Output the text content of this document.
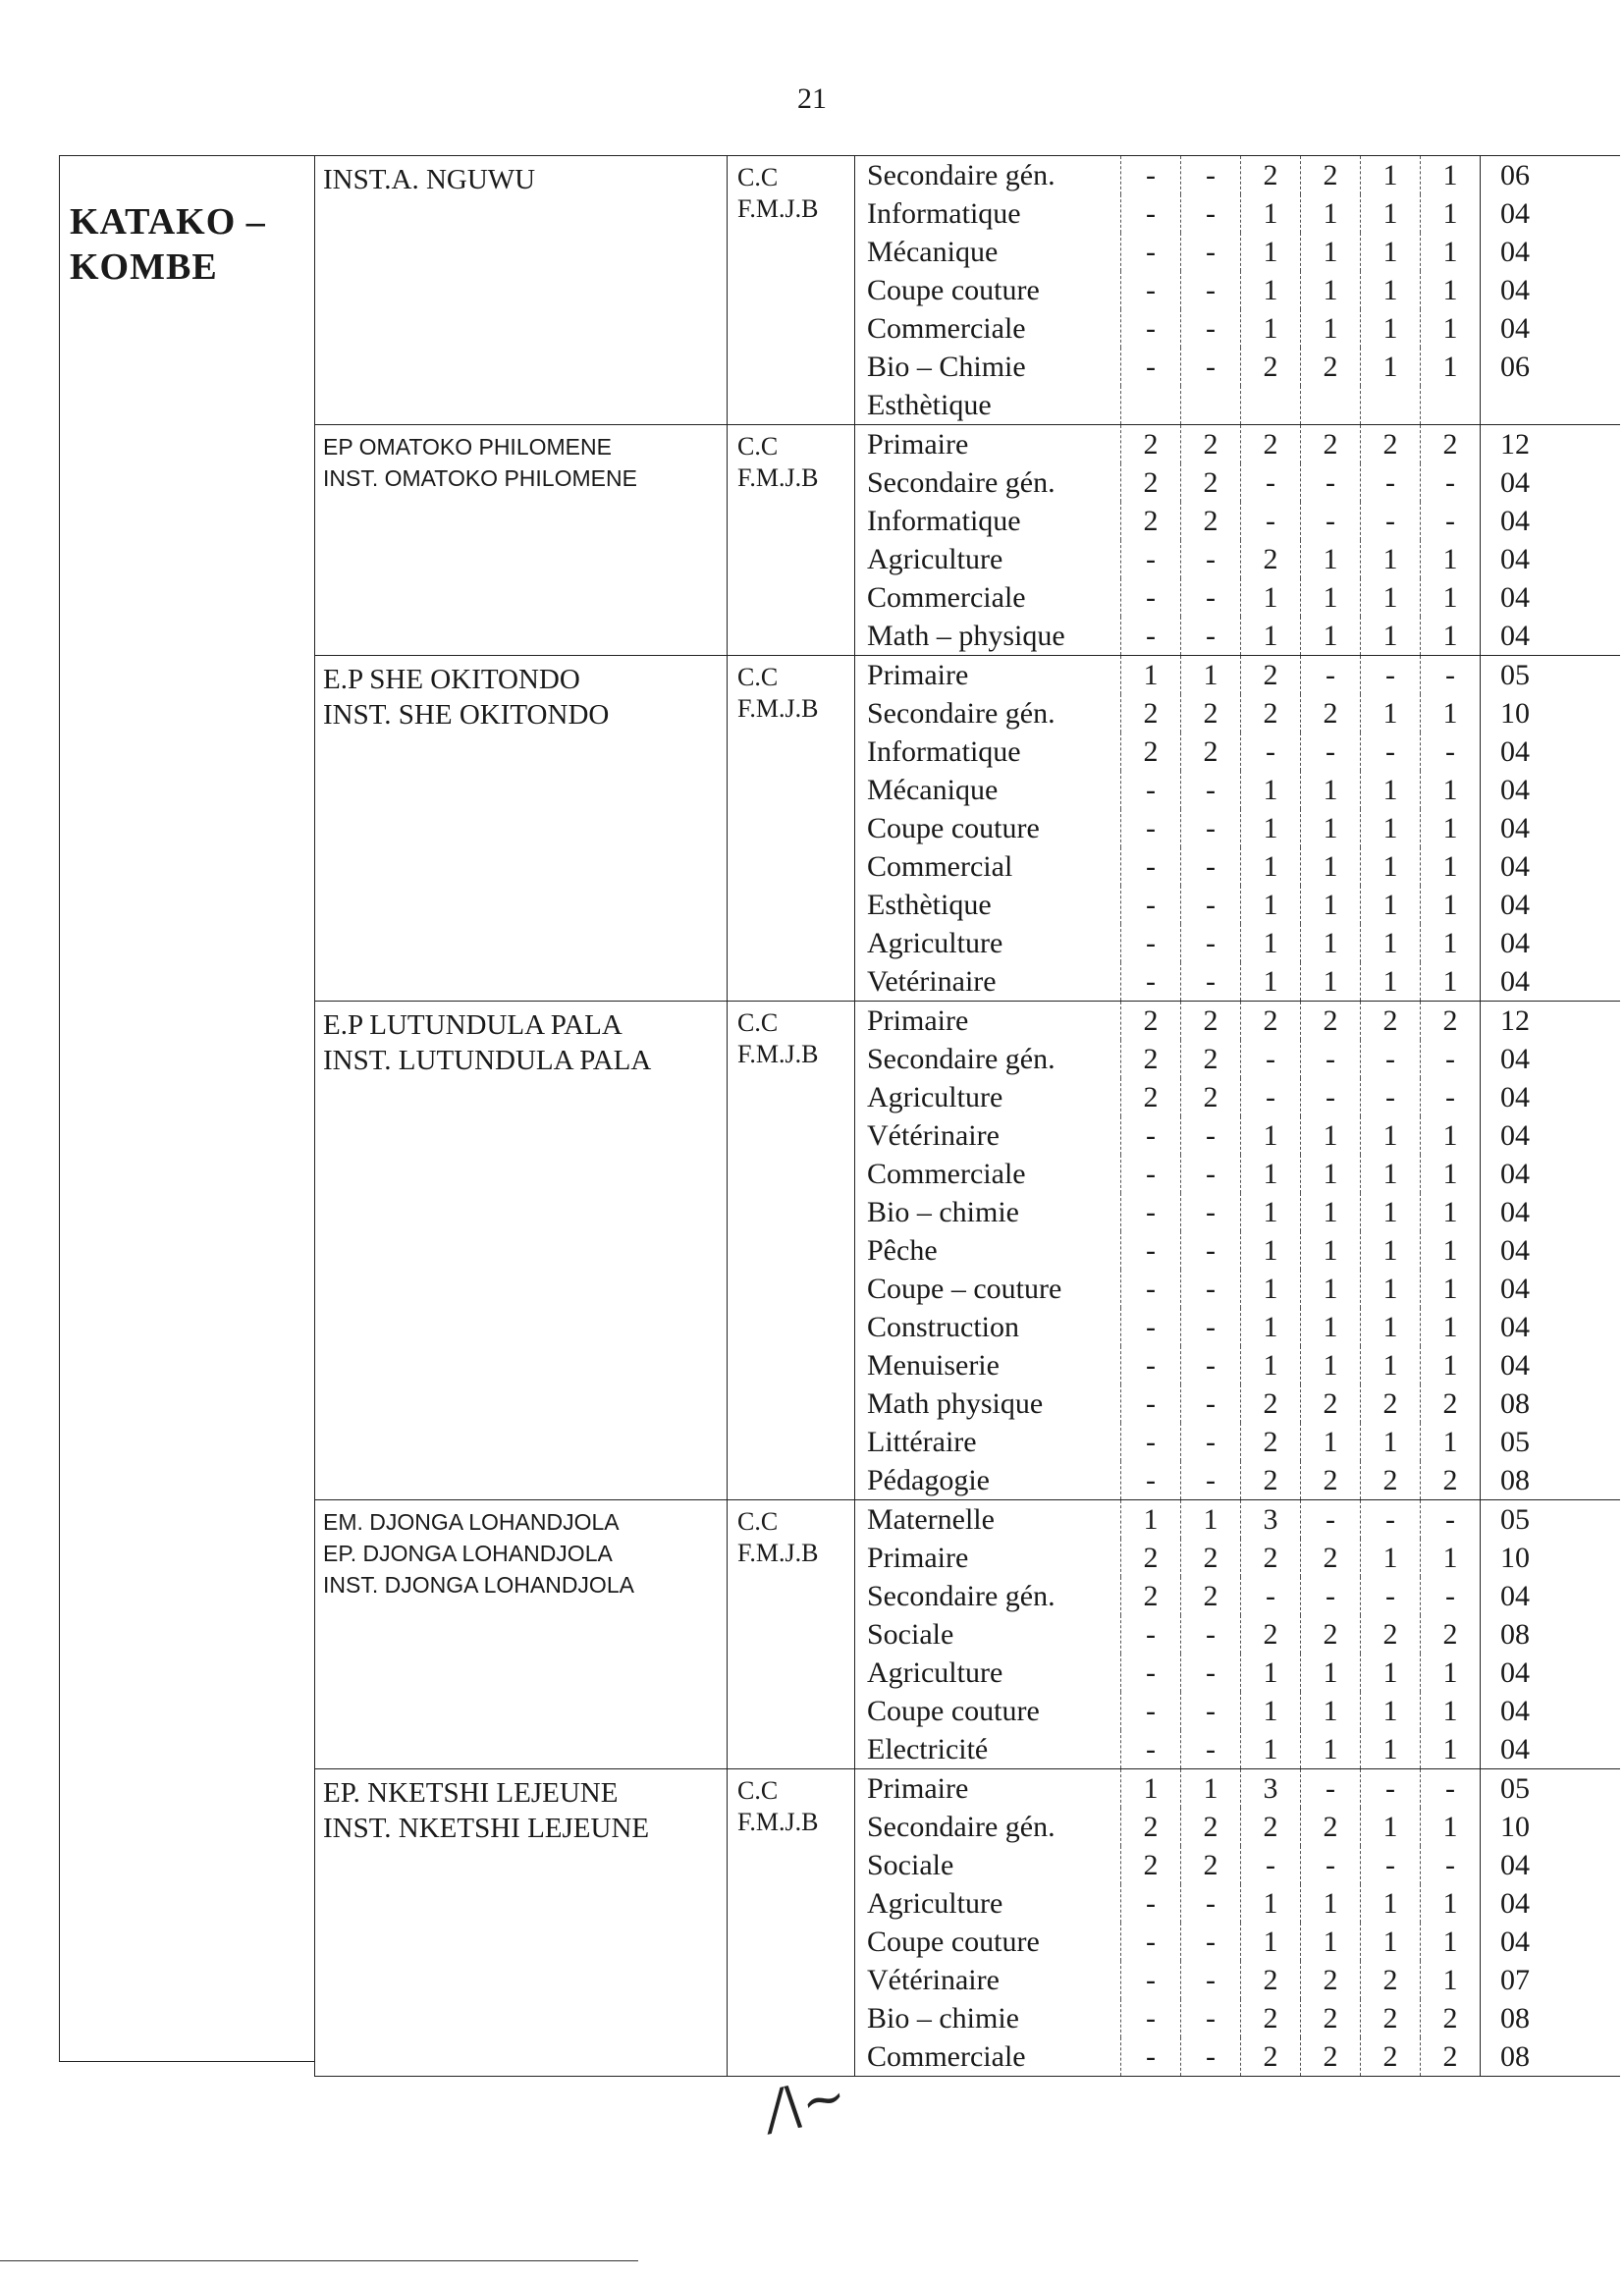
21
KATAKO –
KOMBE
INST.A. NGUWU	C.C
F.M.J.B
Secondaire gén.	-	-	2	2	1	1	06
Informatique	-	-	1	1	1	1	04
Mécanique	-	-	1	1	1	1	04
Coupe couture	-	-	1	1	1	1	04
Commerciale	-	-	1	1	1	1	04
Bio – Chimie	-	-	2	2	1	1	06
Esthètique
EP OMATOKO PHILOMENE
INST. OMATOKO PHILOMENE
C.C
F.M.J.B
Primaire	2	2	2	2	2	2	12
Secondaire gén.	2	2	-	-	-	-	04
Informatique	2	2	-	-	-	-	04
Agriculture	-	-	2	1	1	1	04
Commerciale	-	-	1	1	1	1	04
Math – physique	-	-	1	1	1	1	04
E.P SHE OKITONDO
INST. SHE OKITONDO
C.C
F.M.J.B
Primaire	1	1	2	-	-	-	05
Secondaire gén.	2	2	2	2	1	1	10
Informatique	2	2	-	-	-	-	04
Mécanique	-	-	1	1	1	1	04
Coupe couture	-	-	1	1	1	1	04
Commercial	-	-	1	1	1	1	04
Esthètique	-	-	1	1	1	1	04
Agriculture	-	-	1	1	1	1	04
Vetérinaire	-	-	1	1	1	1	04
E.P LUTUNDULA PALA
INST. LUTUNDULA PALA
C.C
F.M.J.B
Primaire	2	2	2	2	2	2	12
Secondaire gén.	2	2	-	-	-	-	04
Agriculture	2	2	-	-	-	-	04
Vétérinaire	-	-	1	1	1	1	04
Commerciale	-	-	1	1	1	1	04
Bio – chimie	-	-	1	1	1	1	04
Pêche	-	-	1	1	1	1	04
Coupe – couture	-	-	1	1	1	1	04
Construction	-	-	1	1	1	1	04
Menuiserie	-	-	1	1	1	1	04
Math physique	-	-	2	2	2	2	08
Littéraire	-	-	2	1	1	1	05
Pédagogie	-	-	2	2	2	2	08
EM. DJONGA LOHANDJOLA
EP. DJONGA LOHANDJOLA
INST. DJONGA LOHANDJOLA
C.C
F.M.J.B
Maternelle	1	1	3	-	-	-	05
Primaire	2	2	2	2	1	1	10
Secondaire gén.	2	2	-	-	-	-	04
Sociale	-	-	2	2	2	2	08
Agriculture	-	-	1	1	1	1	04
Coupe couture	-	-	1	1	1	1	04
Electricité	-	-	1	1	1	1	04
EP. NKETSHI LEJEUNE
INST. NKETSHI LEJEUNE
C.C
F.M.J.B
Primaire	1	1	3	-	-	-	05
Secondaire gén.	2	2	2	2	1	1	10
Sociale	2	2	-	-	-	-	04
Agriculture	-	-	1	1	1	1	04
Coupe couture	-	-	1	1	1	1	04
Vétérinaire	-	-	2	2	2	1	07
Bio – chimie	-	-	2	2	2	2	08
Commerciale	-	-	2	2	2	2	08
/\~
